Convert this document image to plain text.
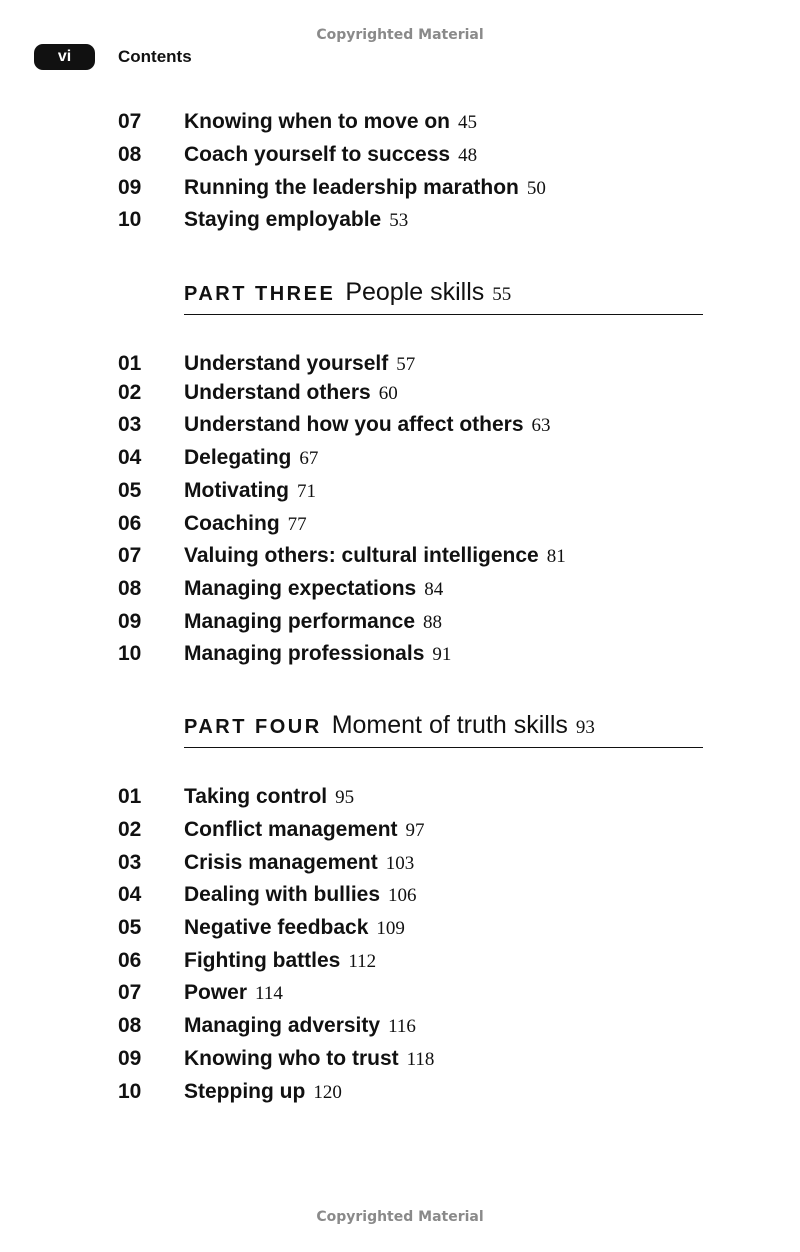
Copyrighted Material
vi	Contents
07 Knowing when to move on 45
08 Coach yourself to success 48
09 Running the leadership marathon 50
10 Staying employable 53
PART THREE People skills 55
01 Understand yourself 57
02 Understand others 60
03 Understand how you affect others 63
04 Delegating 67
05 Motivating 71
06 Coaching 77
07 Valuing others: cultural intelligence 81
08 Managing expectations 84
09 Managing performance 88
10 Managing professionals 91
PART FOUR Moment of truth skills 93
01 Taking control 95
02 Conflict management 97
03 Crisis management 103
04 Dealing with bullies 106
05 Negative feedback 109
06 Fighting battles 112
07 Power 114
08 Managing adversity 116
09 Knowing who to trust 118
10 Stepping up 120
Copyrighted Material
